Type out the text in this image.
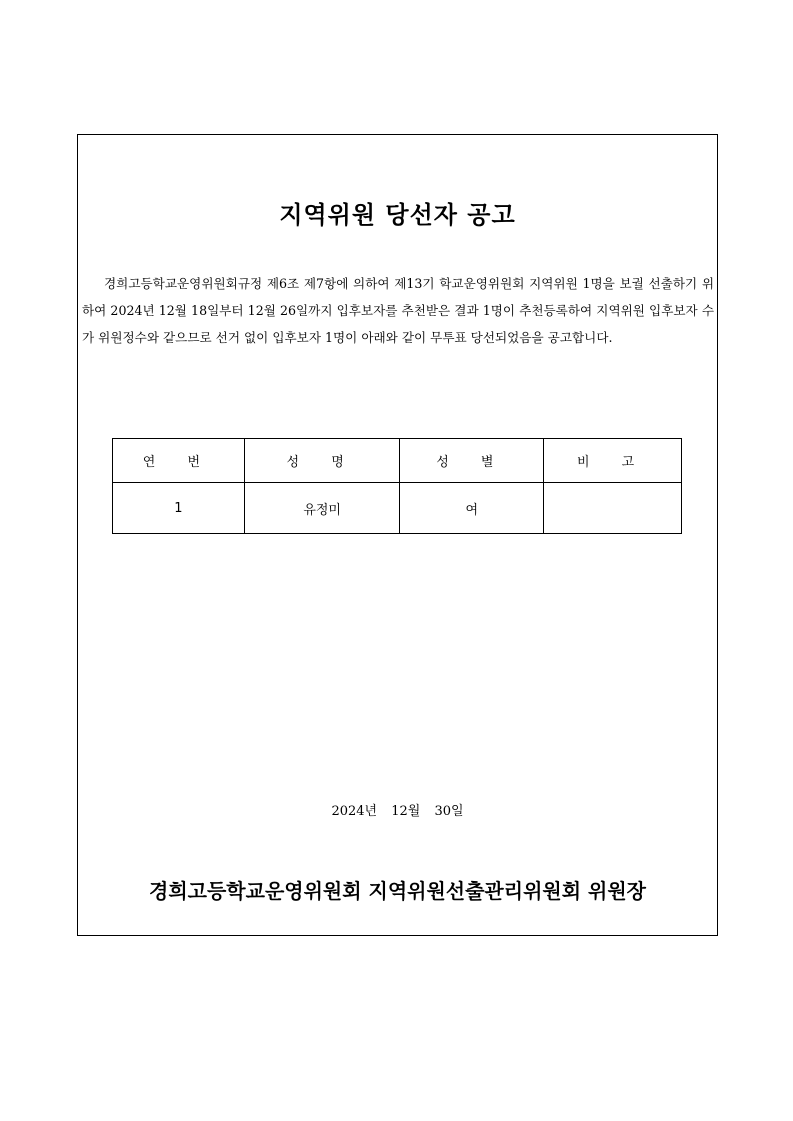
지역위원 당선자 공고
경희고등학교운영위원회규정 제6조 제7항에 의하여 제13기 학교운영위원회 지역위원 1명을 보궐 선출하기 위하여 2024년 12월 18일부터 12월 26일까지 입후보자를 추천받은 결과 1명이 추천등록하여 지역위원 입후보자 수가 위원정수와 같으므로 선거 없이 입후보자 1명이 아래와 같이 무투표 당선되었음을 공고합니다.
연 번	성 명	성 별	비 고
1	유정미	여	
2024년 12월 30일
경희고등학교운영위원회 지역위원선출관리위원회 위원장
